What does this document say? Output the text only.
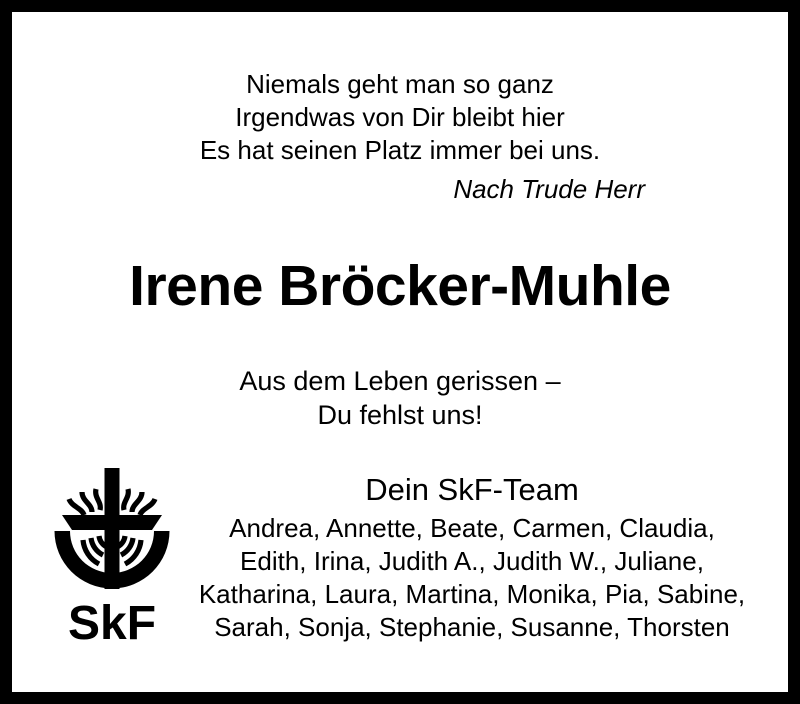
Niemals geht man so ganz
Irgendwas von Dir bleibt hier
Es hat seinen Platz immer bei uns.
Nach Trude Herr
Irene Bröcker-Muhle
Aus dem Leben gerissen –
Du fehlst uns!
SkF
Dein SkF-Team
Andrea, Annette, Beate, Carmen, Claudia,
Edith, Irina, Judith A., Judith W., Juliane,
Katharina, Laura, Martina, Monika, Pia, Sabine,
Sarah, Sonja, Stephanie, Susanne, Thorsten
